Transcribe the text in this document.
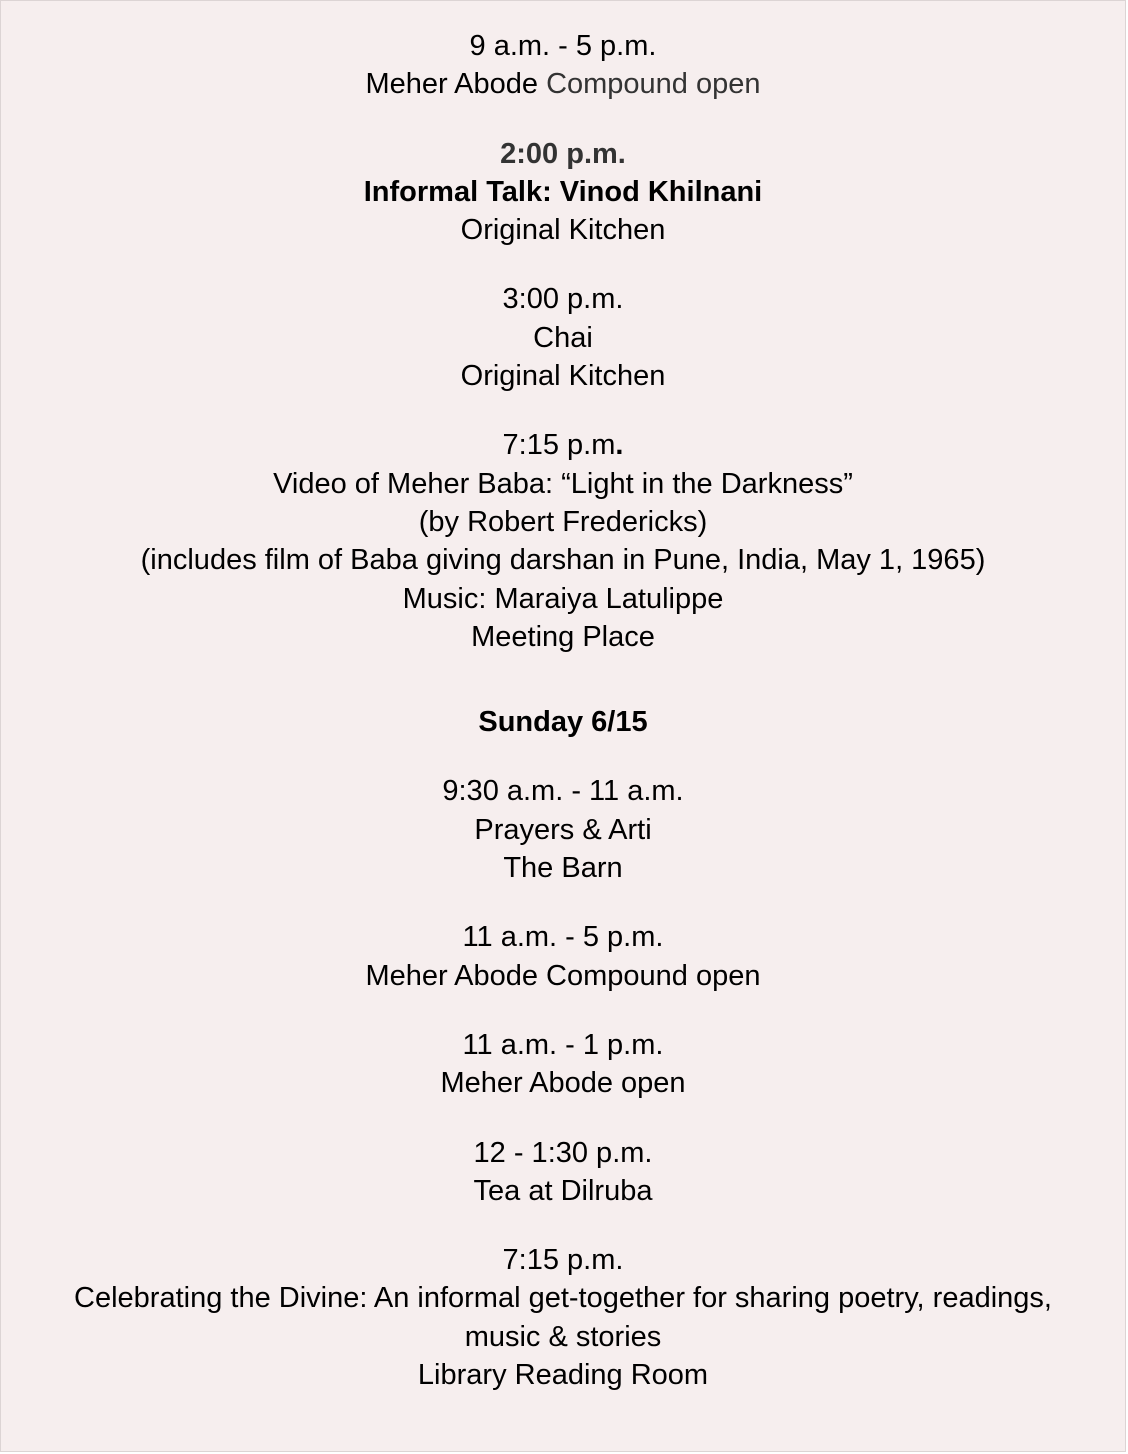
9 a.m. - 5 p.m.
Meher Abode Compound open
2:00 p.m.
Informal Talk: Vinod Khilnani
Original Kitchen
3:00 p.m.
Chai
Original Kitchen
7:15 p.m.
Video of Meher Baba: “Light in the Darkness”
(by Robert Fredericks)
(includes film of Baba giving darshan in Pune, India, May 1, 1965)
Music: Maraiya Latulippe
Meeting Place
Sunday 6/15
9:30 a.m. - 11 a.m.
Prayers & Arti
The Barn
11 a.m. - 5 p.m.
Meher Abode Compound open
11 a.m. - 1 p.m.
Meher Abode open
12 - 1:30 p.m.
Tea at Dilruba
7:15 p.m.
Celebrating the Divine: An informal get-together for sharing poetry, readings, music & stories
Library Reading Room
